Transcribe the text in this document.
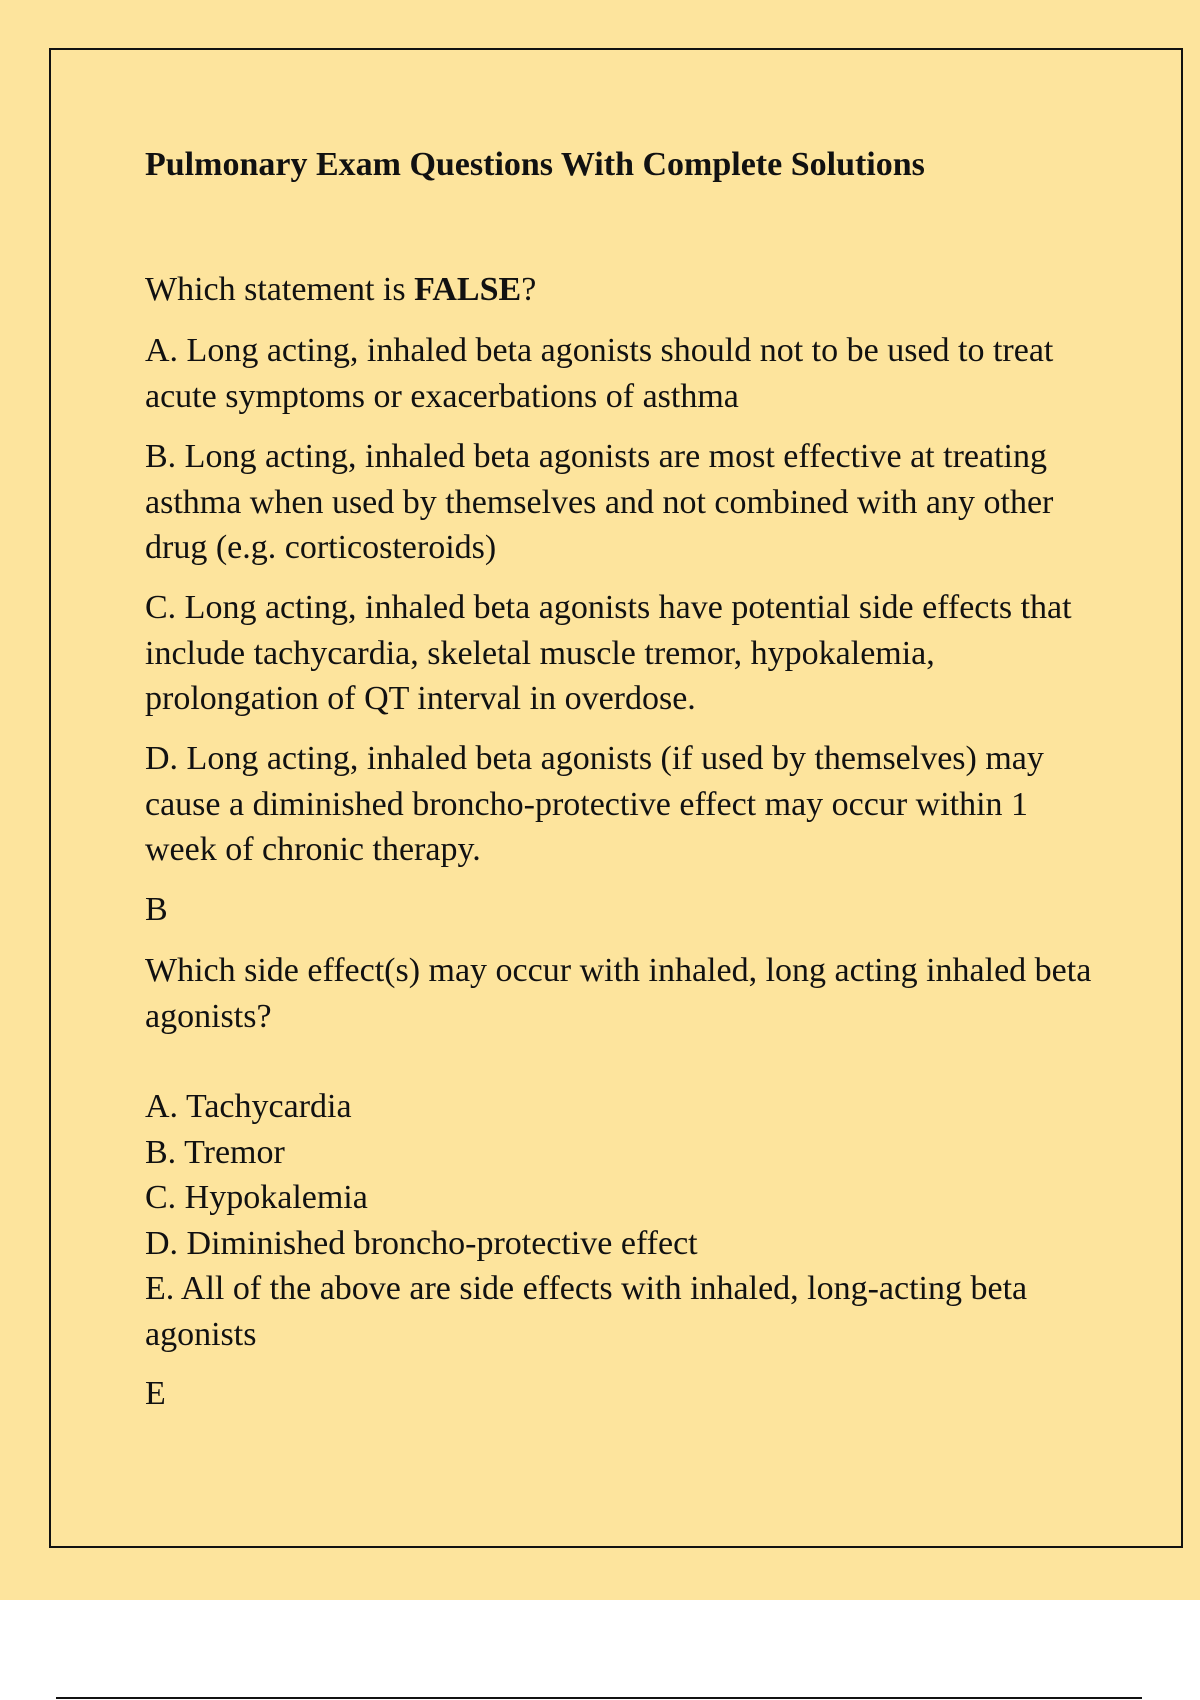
Pulmonary Exam Questions With Complete Solutions

Which statement is FALSE?

A. Long acting, inhaled beta agonists should not to be used to treat acute symptoms or exacerbations of asthma

B. Long acting, inhaled beta agonists are most effective at treating asthma when used by themselves and not combined with any other drug (e.g. corticosteroids)

C. Long acting, inhaled beta agonists have potential side effects that include tachycardia, skeletal muscle tremor, hypokalemia, prolongation of QT interval in overdose.

D. Long acting, inhaled beta agonists (if used by themselves) may cause a diminished broncho-protective effect may occur within 1 week of chronic therapy.

B

Which side effect(s) may occur with inhaled, long acting inhaled beta agonists?

A. Tachycardia
B. Tremor
C. Hypokalemia
D. Diminished broncho-protective effect
E. All of the above are side effects with inhaled, long-acting beta agonists

E
